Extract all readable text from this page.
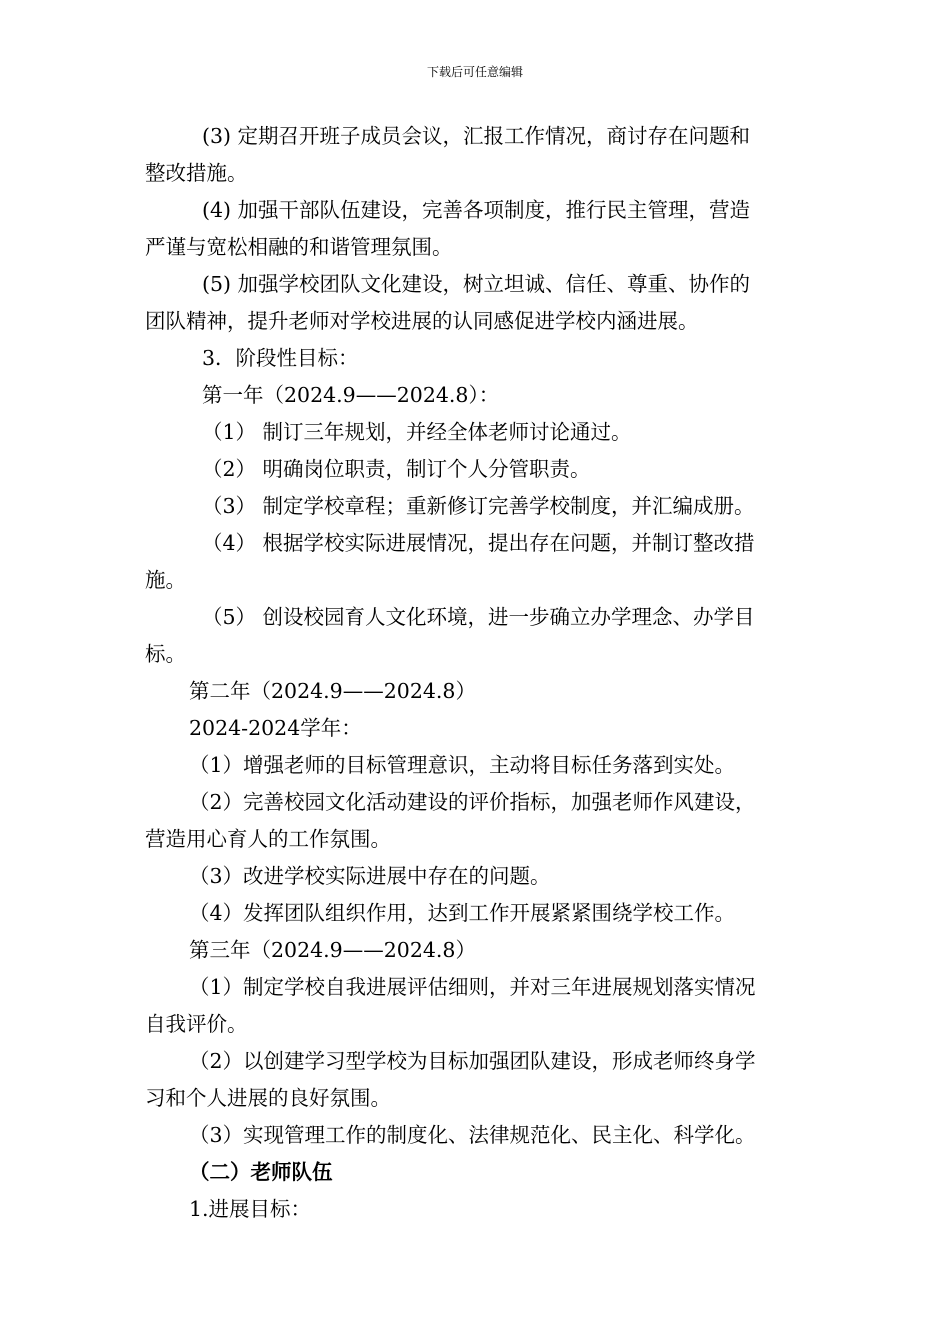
下载后可任意编辑
(3) 定期召开班子成员会议，汇报工作情况，商讨存在问题和
整改措施。
(4) 加强干部队伍建设，完善各项制度，推行民主管理，营造
严谨与宽松相融的和谐管理氛围。
(5) 加强学校团队文化建设，树立坦诚、信任、尊重、协作的
团队精神，提升老师对学校进展的认同感促进学校内涵进展。
3．阶段性目标：
第一年（2024.9——2024.8）：
（1） 制订三年规划，并经全体老师讨论通过。
（2） 明确岗位职责，制订个人分管职责。
（3） 制定学校章程；重新修订完善学校制度，并汇编成册。
（4） 根据学校实际进展情况，提出存在问题，并制订整改措
施。
（5） 创设校园育人文化环境，进一步确立办学理念、办学目
标。
第二年（2024.9——2024.8）
2024-2024学年：
（1）增强老师的目标管理意识，主动将目标任务落到实处。
（2）完善校园文化活动建设的评价指标，加强老师作风建设，
营造用心育人的工作氛围。
（3）改进学校实际进展中存在的问题。
（4）发挥团队组织作用，达到工作开展紧紧围绕学校工作。
第三年（2024.9——2024.8）
（1）制定学校自我进展评估细则，并对三年进展规划落实情况
自我评价。
（2）以创建学习型学校为目标加强团队建设，形成老师终身学
习和个人进展的良好氛围。
（3）实现管理工作的制度化、法律规范化、民主化、科学化。
（二）老师队伍
1.进展目标：
